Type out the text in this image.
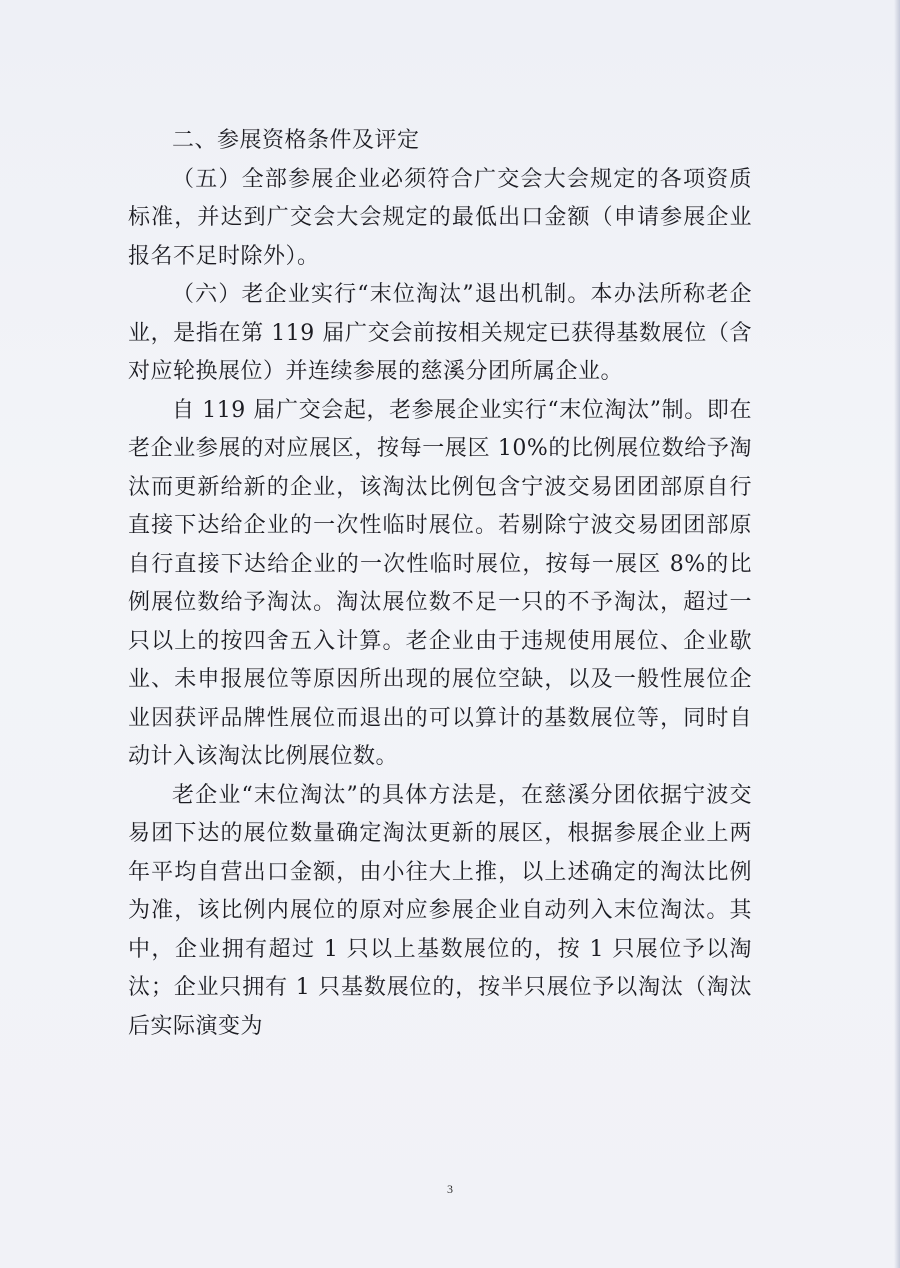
二、参展资格条件及评定

（五）全部参展企业必须符合广交会大会规定的各项资质标准，并达到广交会大会规定的最低出口金额（申请参展企业报名不足时除外）。

（六）老企业实行“末位淘汰”退出机制。本办法所称老企业，是指在第 119 届广交会前按相关规定已获得基数展位（含对应轮换展位）并连续参展的慈溪分团所属企业。

自 119 届广交会起，老参展企业实行“末位淘汰”制。即在老企业参展的对应展区，按每一展区 10%的比例展位数给予淘汰而更新给新的企业，该淘汰比例包含宁波交易团团部原自行直接下达给企业的一次性临时展位。若剔除宁波交易团团部原自行直接下达给企业的一次性临时展位，按每一展区 8%的比例展位数给予淘汰。淘汰展位数不足一只的不予淘汰，超过一只以上的按四舍五入计算。老企业由于违规使用展位、企业歇业、未申报展位等原因所出现的展位空缺，以及一般性展位企业因获评品牌性展位而退出的可以算计的基数展位等，同时自动计入该淘汰比例展位数。

老企业“末位淘汰”的具体方法是，在慈溪分团依据宁波交易团下达的展位数量确定淘汰更新的展区，根据参展企业上两年平均自营出口金额，由小往大上推，以上述确定的淘汰比例为准，该比例内展位的原对应参展企业自动列入末位淘汰。其中，企业拥有超过 1 只以上基数展位的，按 1 只展位予以淘汰；企业只拥有 1 只基数展位的，按半只展位予以淘汰（淘汰后实际演变为

3
